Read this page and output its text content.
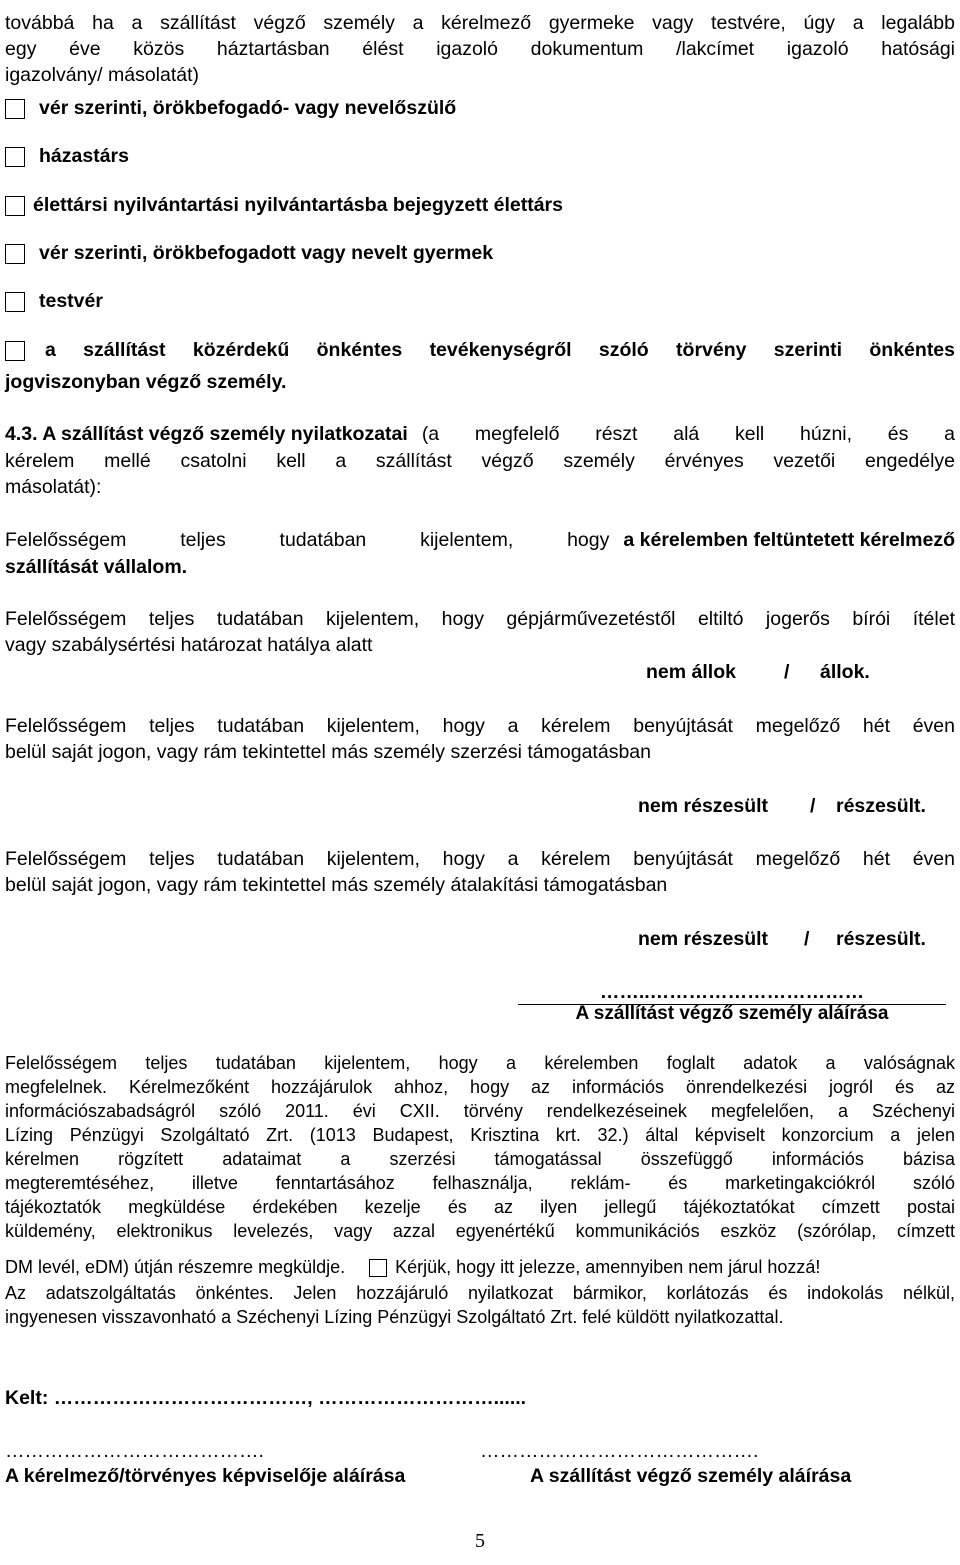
továbbá ha a szállítást végző személy a kérelmező gyermeke vagy testvére, úgy a legalább
egy éve közös háztartásban élést igazoló dokumentum /lakcímet igazoló hatósági
igazolvány/ másolatát)
vér szerinti, örökbefogadó- vagy nevelőszülő
házastárs
élettársi nyilvántartási nyilvántartásba bejegyzett élettárs
vér szerinti, örökbefogadott vagy nevelt gyermek
testvér
a szállítást közérdekű önkéntes tevékenységről szóló törvény szerinti önkéntes
jogviszonyban végző személy.
4.3. A szállítást végző személy nyilatkozatai (a megfelelő részt alá kell húzni, és a
kérelem mellé csatolni kell a szállítást végző személy érvényes vezetői engedélye
másolatát):
Felelősségem teljes tudatában kijelentem, hogy a kérelemben feltüntetett kérelmező
szállítását vállalom.
Felelősségem teljes tudatában kijelentem, hogy gépjárművezetéstől eltiltó jogerős bírói ítélet
vagy szabálysértési határozat hatálya alatt
nem állok / állok.
Felelősségem teljes tudatában kijelentem, hogy a kérelem benyújtását megelőző hét éven
belül saját jogon, vagy rám tekintettel más személy szerzési támogatásban
nem részesült / részesült.
Felelősségem teljes tudatában kijelentem, hogy a kérelem benyújtását megelőző hét éven
belül saját jogon, vagy rám tekintettel más személy átalakítási támogatásban
nem részesült / részesült.
……..……………………………
A szállítást végző személy aláírása
Felelősségem teljes tudatában kijelentem, hogy a kérelemben foglalt adatok a valóságnak
megfelelnek. Kérelmezőként hozzájárulok ahhoz, hogy az információs önrendelkezési jogról és az
információszabadságról szóló 2011. évi CXII. törvény rendelkezéseinek megfelelően, a Széchenyi
Lízing Pénzügyi Szolgáltató Zrt. (1013 Budapest, Krisztina krt. 32.) által képviselt konzorcium a jelen
kérelmen rögzített adataimat a szerzési támogatással összefüggő információs bázisa
megteremtéséhez, illetve fenntartásához felhasználja, reklám- és marketingakciókról szóló
tájékoztatók megküldése érdekében kezelje és az ilyen jellegű tájékoztatókat címzett postai
küldemény, elektronikus levelezés, vagy azzal egyenértékű kommunikációs eszköz (szórólap, címzett
DM levél, eDM) útján részemre megküldje.	Kérjük, hogy itt jelezze, amennyiben nem járul hozzá!
Az adatszolgáltatás önkéntes. Jelen hozzájáruló nyilatkozat bármikor, korlátozás és indokolás nélkül,
ingyenesen visszavonható a Széchenyi Lízing Pénzügyi Szolgáltató Zrt. felé küldött nyilatkozattal.
Kelt: …………………………………, ………………………......
………………………………….	…………………………………….
A kérelmező/törvényes képviselője aláírása	A szállítást végző személy aláírása
5
